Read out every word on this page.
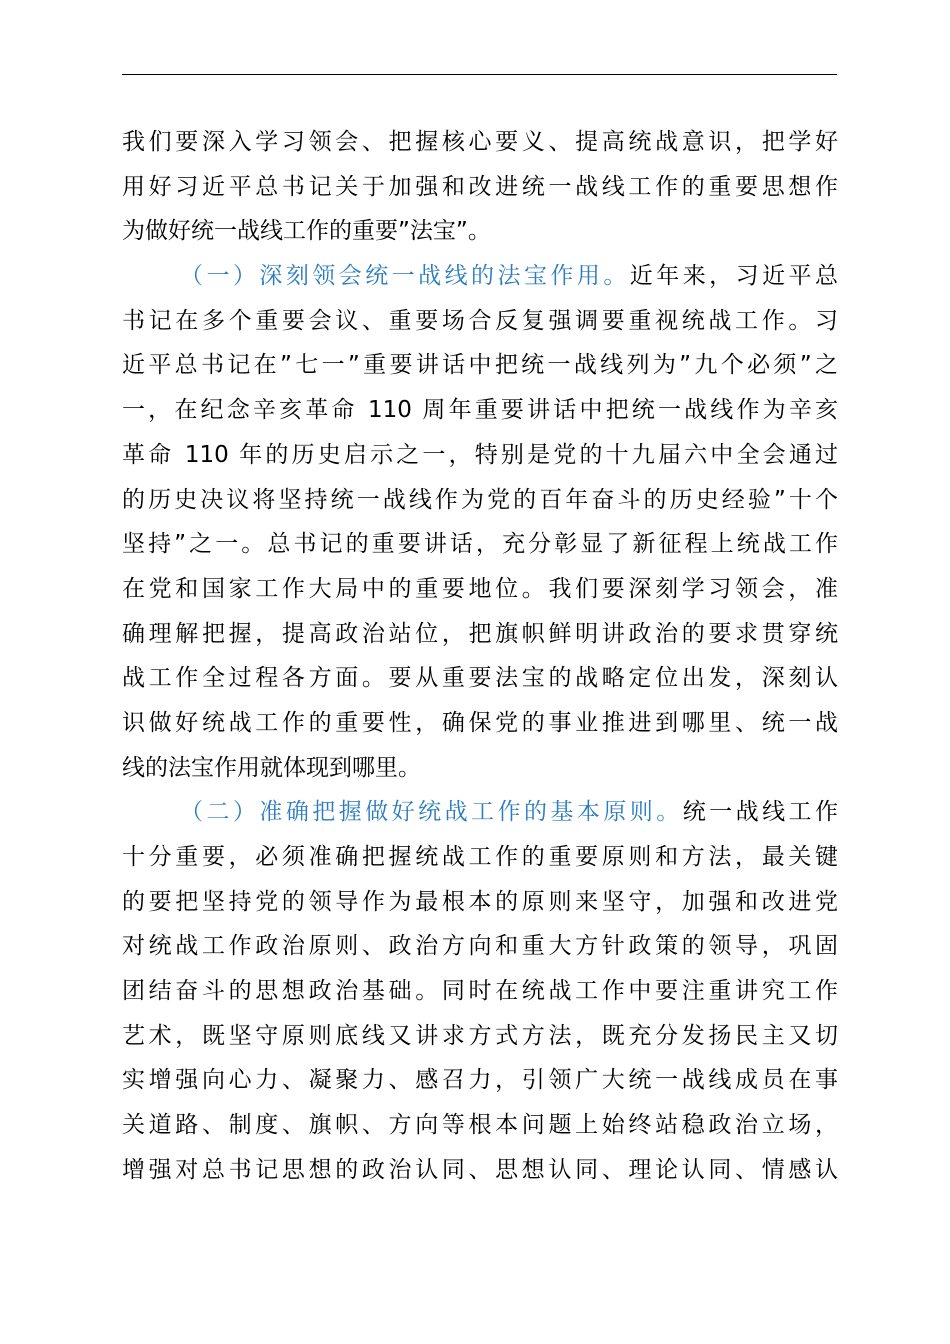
我们要深入学习领会、把握核心要义、提高统战意识，把学好
用好习近平总书记关于加强和改进统一战线工作的重要思想作
为做好统一战线工作的重要”法宝”。
（一）深刻领会统一战线的法宝作用。近年来，习近平总
书记在多个重要会议、重要场合反复强调要重视统战工作。习
近平总书记在”七一”重要讲话中把统一战线列为”九个必须”之
一，在纪念辛亥革命 110 周年重要讲话中把统一战线作为辛亥
革命 110 年的历史启示之一，特别是党的十九届六中全会通过
的历史决议将坚持统一战线作为党的百年奋斗的历史经验”十个
坚持”之一。总书记的重要讲话，充分彰显了新征程上统战工作
在党和国家工作大局中的重要地位。我们要深刻学习领会，准
确理解把握，提高政治站位，把旗帜鲜明讲政治的要求贯穿统
战工作全过程各方面。要从重要法宝的战略定位出发，深刻认
识做好统战工作的重要性，确保党的事业推进到哪里、统一战
线的法宝作用就体现到哪里。
（二）准确把握做好统战工作的基本原则。统一战线工作
十分重要，必须准确把握统战工作的重要原则和方法，最关键
的要把坚持党的领导作为最根本的原则来坚守，加强和改进党
对统战工作政治原则、政治方向和重大方针政策的领导，巩固
团结奋斗的思想政治基础。同时在统战工作中要注重讲究工作
艺术，既坚守原则底线又讲求方式方法，既充分发扬民主又切
实增强向心力、凝聚力、感召力，引领广大统一战线成员在事
关道路、制度、旗帜、方向等根本问题上始终站稳政治立场，
增强对总书记思想的政治认同、思想认同、理论认同、情感认
